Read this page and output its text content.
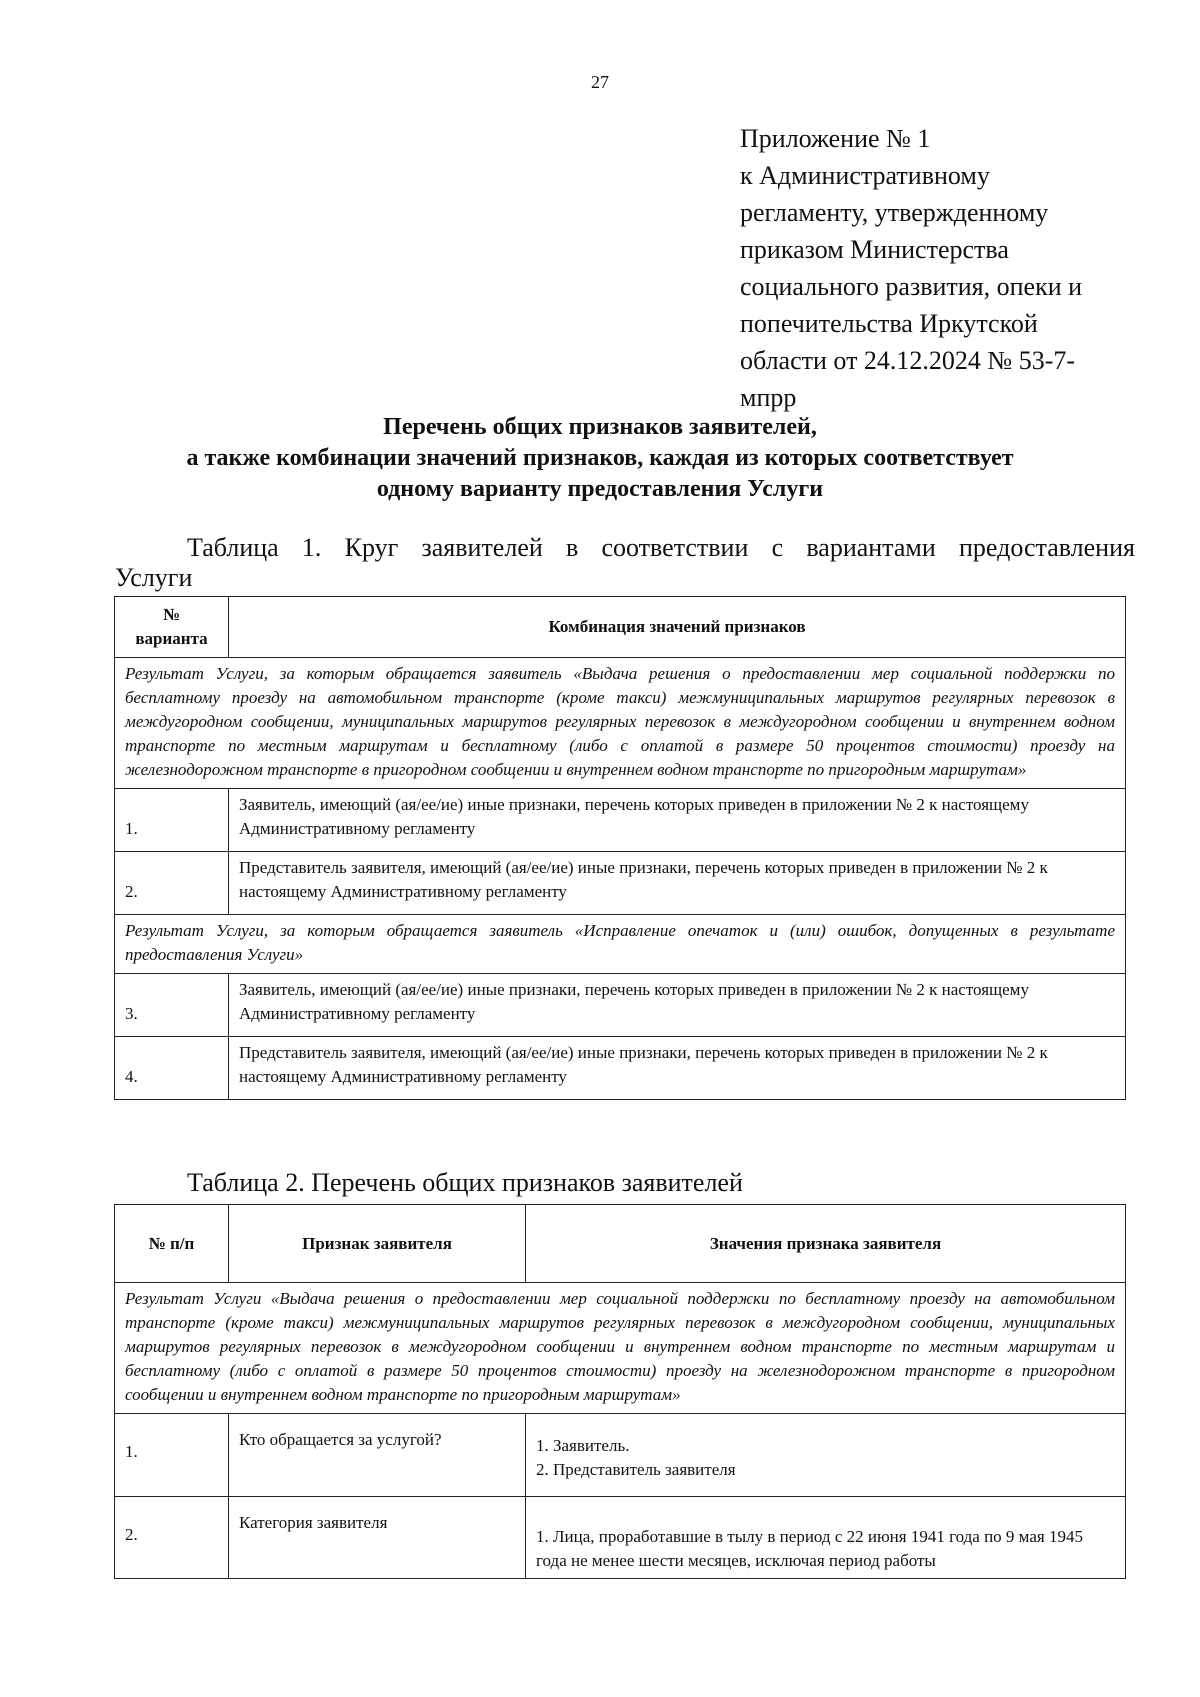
27
Приложение № 1
к Административному
регламенту, утвержденному
приказом Министерства
социального развития, опеки и
попечительства Иркутской
области от 24.12.2024 № 53-7-
мпрр
Перечень общих признаков заявителей,
а также комбинации значений признаков, каждая из которых соответствует
одному варианту предоставления Услуги
Таблица 1. Круг заявителей в соответствии с вариантами предоставления
Услуги
№
варианта	Комбинация значений признаков
Результат Услуги, за которым обращается заявитель «Выдача решения о предоставлении мер социальной поддержки по бесплатному проезду на автомобильном транспорте (кроме такси) межмуниципальных маршрутов регулярных перевозок в междугородном сообщении, муниципальных маршрутов регулярных перевозок в междугородном сообщении и внутреннем водном транспорте по местным маршрутам и бесплатному (либо с оплатой в размере 50 процентов стоимости) проезду на железнодорожном транспорте в пригородном сообщении и внутреннем водном транспорте по пригородным маршрутам»	
1.	Заявитель, имеющий (ая/ее/ие) иные признаки, перечень которых приведен в приложении № 2 к настоящему Административному регламенту
2.	Представитель заявителя, имеющий (ая/ее/ие) иные признаки, перечень которых приведен в приложении № 2 к настоящему Административному регламенту
Результат Услуги, за которым обращается заявитель «Исправление опечаток и (или) ошибок, допущенных в результате предоставления Услуги»	
3.	Заявитель, имеющий (ая/ее/ие) иные признаки, перечень которых приведен в приложении № 2 к настоящему Административному регламенту
4.	Представитель заявителя, имеющий (ая/ее/ие) иные признаки, перечень которых приведен в приложении № 2 к настоящему Административному регламенту
Таблица 2. Перечень общих признаков заявителей
№ п/п	Признак заявителя	Значения признака заявителя
Результат Услуги «Выдача решения о предоставлении мер социальной поддержки по бесплатному проезду на автомобильном транспорте (кроме такси) межмуниципальных маршрутов регулярных перевозок в междугородном сообщении, муниципальных маршрутов регулярных перевозок в междугородном сообщении и внутреннем водном транспорте по местным маршрутам и бесплатному (либо с оплатой в размере 50 процентов стоимости) проезду на железнодорожном транспорте в пригородном сообщении и внутреннем водном транспорте по пригородным маршрутам»		
1.	Кто обращается за услугой?	1. Заявитель.
2. Представитель заявителя

2.	Категория заявителя	1. Лица, проработавшие в тылу в период с 22 июня 1941 года по 9 мая 1945 года не менее шести месяцев, исключая период работы
